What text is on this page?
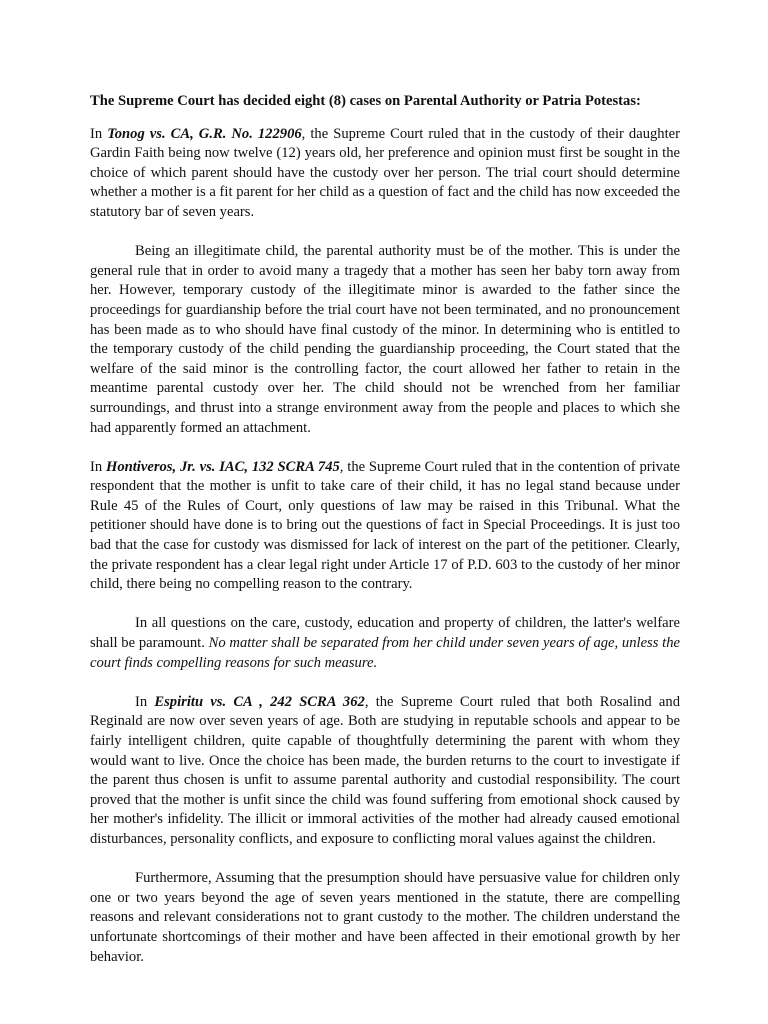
The Supreme Court has decided eight (8) cases on Parental Authority or Patria Potestas:

In Tonog vs. CA, G.R. No. 122906, the Supreme Court ruled that in the custody of their daughter Gardin Faith being now twelve (12) years old, her preference and opinion must first be sought in the choice of which parent should have the custody over her person. The trial court should determine whether a mother is a fit parent for her child as a question of fact and the child has now exceeded the statutory bar of seven years.

Being an illegitimate child, the parental authority must be of the mother. This is under the general rule that in order to avoid many a tragedy that a mother has seen her baby torn away from her. However, temporary custody of the illegitimate minor is awarded to the father since the proceedings for guardianship before the trial court have not been terminated, and no pronouncement has been made as to who should have final custody of the minor. In determining who is entitled to the temporary custody of the child pending the guardianship proceeding, the Court stated that the welfare of the said minor is the controlling factor, the court allowed her father to retain in the meantime parental custody over her. The child should not be wrenched from her familiar surroundings, and thrust into a strange environment away from the people and places to which she had apparently formed an attachment.

In Hontiveros, Jr. vs. IAC, 132 SCRA 745, the Supreme Court ruled that in the contention of private respondent that the mother is unfit to take care of their child, it has no legal stand because under Rule 45 of the Rules of Court, only questions of law may be raised in this Tribunal. What the petitioner should have done is to bring out the questions of fact in Special Proceedings. It is just too bad that the case for custody was dismissed for lack of interest on the part of the petitioner. Clearly, the private respondent has a clear legal right under Article 17 of P.D. 603 to the custody of her minor child, there being no compelling reason to the contrary.

In all questions on the care, custody, education and property of children, the latter's welfare shall be paramount. No matter shall be separated from her child under seven years of age, unless the court finds compelling reasons for such measure.

In Espiritu vs. CA , 242 SCRA 362, the Supreme Court ruled that both Rosalind and Reginald are now over seven years of age. Both are studying in reputable schools and appear to be fairly intelligent children, quite capable of thoughtfully determining the parent with whom they would want to live. Once the choice has been made, the burden returns to the court to investigate if the parent thus chosen is unfit to assume parental authority and custodial responsibility. The court proved that the mother is unfit since the child was found suffering from emotional shock caused by her mother's infidelity. The illicit or immoral activities of the mother had already caused emotional disturbances, personality conflicts, and exposure to conflicting moral values against the children.

Furthermore, Assuming that the presumption should have persuasive value for children only one or two years beyond the age of seven years mentioned in the statute, there are compelling reasons and relevant considerations not to grant custody to the mother. The children understand the unfortunate shortcomings of their mother and have been affected in their emotional growth by her behavior.
